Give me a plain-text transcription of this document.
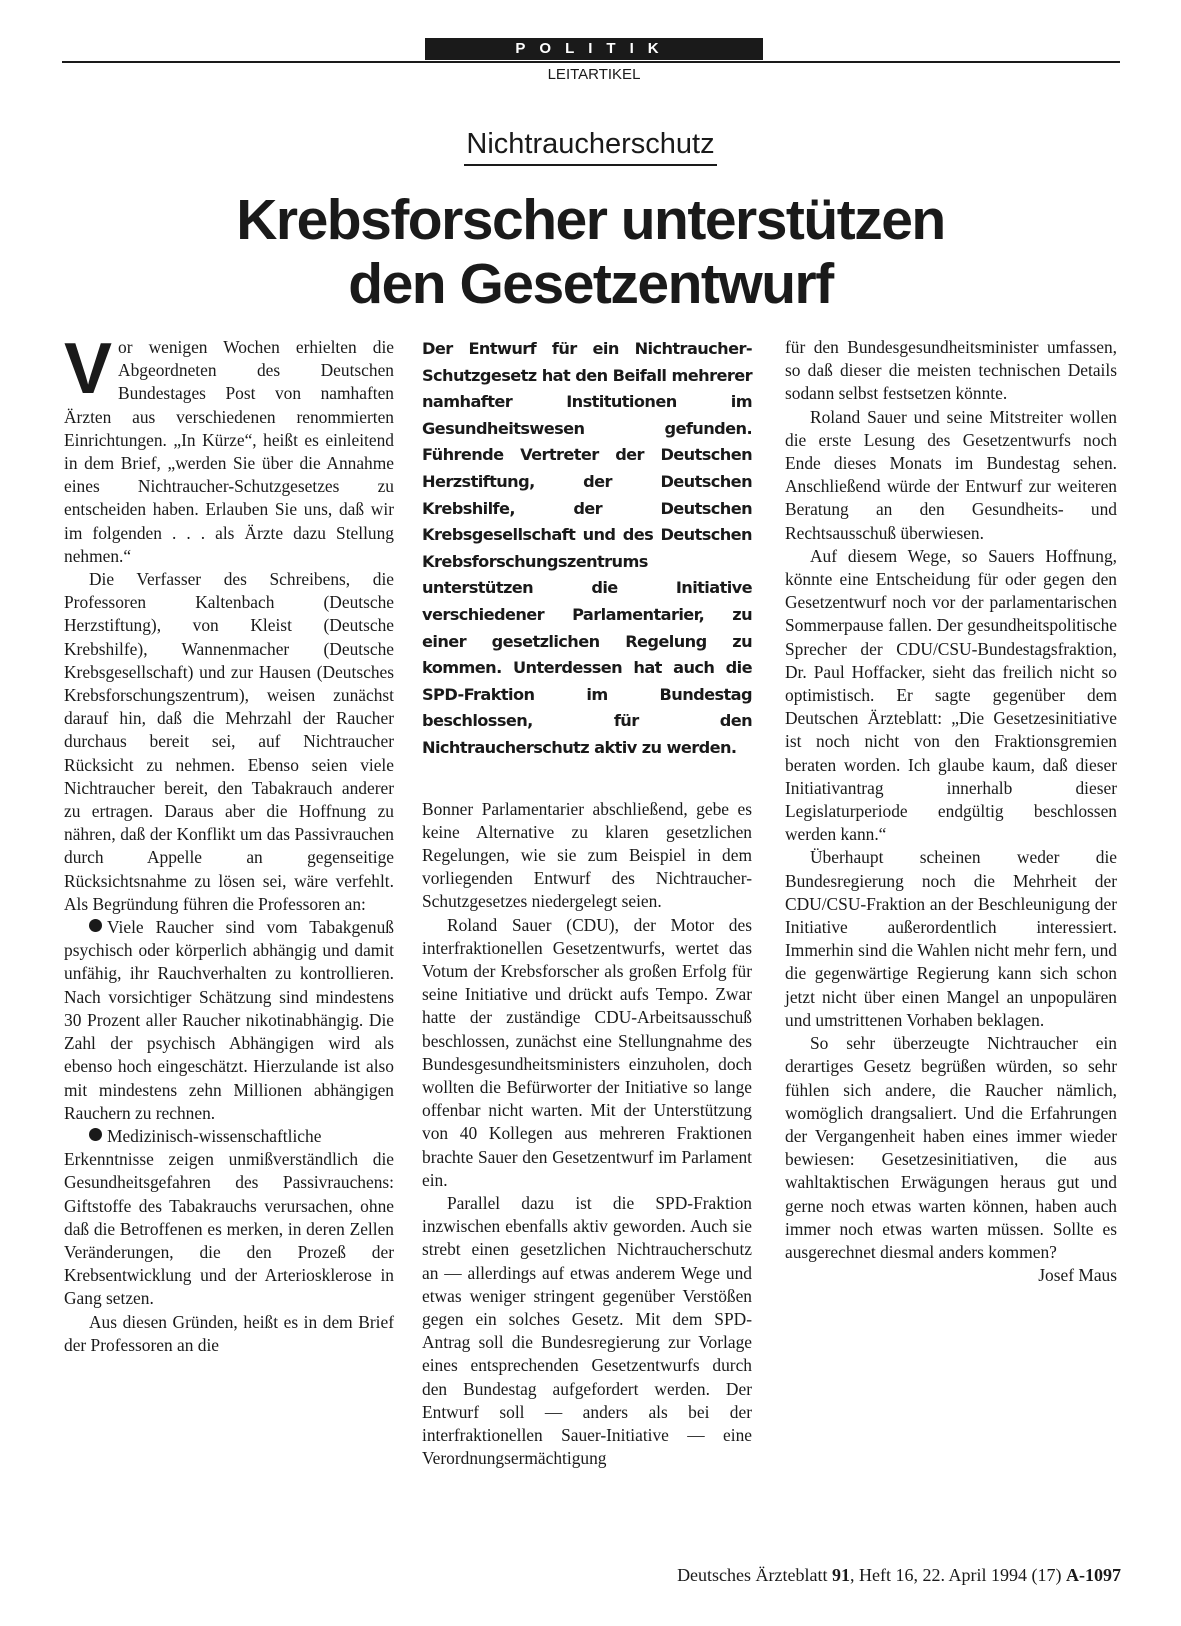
POLITIK
LEITARTIKEL
Nichtraucherschutz
Krebsforscher unterstützen
den Gesetzentwurf

Vor wenigen Wochen erhielten die Abgeordneten des Deutschen Bundestages Post von namhaften Ärzten aus verschiedenen renommierten Einrichtungen. „In Kürze“, heißt es einleitend in dem Brief, „werden Sie über die Annahme eines Nichtraucher-Schutzgesetzes zu entscheiden haben. Erlauben Sie uns, daß wir im folgenden . . . als Ärzte dazu Stellung nehmen.“

Die Verfasser des Schreibens, die Professoren Kaltenbach (Deutsche Herzstiftung), von Kleist (Deutsche Krebshilfe), Wannenmacher (Deutsche Krebsgesellschaft) und zur Hausen (Deutsches Krebsforschungszentrum), weisen zunächst darauf hin, daß die Mehrzahl der Raucher durchaus bereit sei, auf Nichtraucher Rücksicht zu nehmen. Ebenso seien viele Nichtraucher bereit, den Tabakrauch anderer zu ertragen. Daraus aber die Hoffnung zu nähren, daß der Konflikt um das Passivrauchen durch Appelle an gegenseitige Rücksichtsnahme zu lösen sei, wäre verfehlt. Als Begründung führen die Professoren an:

Viele Raucher sind vom Tabakgenuß psychisch oder körperlich abhängig und damit unfähig, ihr Rauchverhalten zu kontrollieren. Nach vorsichtiger Schätzung sind mindestens 30 Prozent aller Raucher nikotinabhängig. Die Zahl der psychisch Abhängigen wird als ebenso hoch eingeschätzt. Hierzulande ist also mit mindestens zehn Millionen abhängigen Rauchern zu rechnen.

Medizinisch-wissenschaftliche Erkenntnisse zeigen unmißverständlich die Gesundheitsgefahren des Passivrauchens: Giftstoffe des Tabakrauchs verursachen, ohne daß die Betroffenen es merken, in deren Zellen Veränderungen, die den Prozeß der Krebsentwicklung und der Arteriosklerose in Gang setzen.

Aus diesen Gründen, heißt es in dem Brief der Professoren an die

Der Entwurf für ein Nichtraucher-Schutzgesetz hat den Beifall mehrerer namhafter Institutionen im Gesundheitswesen gefunden. Führende Vertreter der Deutschen Herzstiftung, der Deutschen Krebshilfe, der Deutschen Krebsgesellschaft und des Deutschen Krebsforschungszentrums unterstützen die Initiative verschiedener Parlamentarier, zu einer gesetzlichen Regelung zu kommen. Unterdessen hat auch die SPD-Fraktion im Bundestag beschlossen, für den Nichtraucherschutz aktiv zu werden.

Bonner Parlamentarier abschließend, gebe es keine Alternative zu klaren gesetzlichen Regelungen, wie sie zum Beispiel in dem vorliegenden Entwurf des Nichtraucher-Schutzgesetzes niedergelegt seien.

Roland Sauer (CDU), der Motor des interfraktionellen Gesetzentwurfs, wertet das Votum der Krebsforscher als großen Erfolg für seine Initiative und drückt aufs Tempo. Zwar hatte der zuständige CDU-Arbeitsausschuß beschlossen, zunächst eine Stellungnahme des Bundesgesundheitsministers einzuholen, doch wollten die Befürworter der Initiative so lange offenbar nicht warten. Mit der Unterstützung von 40 Kollegen aus mehreren Fraktionen brachte Sauer den Gesetzentwurf im Parlament ein.

Parallel dazu ist die SPD-Fraktion inzwischen ebenfalls aktiv geworden. Auch sie strebt einen gesetzlichen Nichtraucherschutz an — allerdings auf etwas anderem Wege und etwas weniger stringent gegenüber Verstößen gegen ein solches Gesetz. Mit dem SPD-Antrag soll die Bundesregierung zur Vorlage eines entsprechenden Gesetzentwurfs durch den Bundestag aufgefordert werden. Der Entwurf soll — anders als bei der interfraktionellen Sauer-Initiative — eine Verordnungsermächtigung

für den Bundesgesundheitsminister umfassen, so daß dieser die meisten technischen Details sodann selbst festsetzen könnte.

Roland Sauer und seine Mitstreiter wollen die erste Lesung des Gesetzentwurfs noch Ende dieses Monats im Bundestag sehen. Anschließend würde der Entwurf zur weiteren Beratung an den Gesundheits- und Rechtsausschuß überwiesen.

Auf diesem Wege, so Sauers Hoffnung, könnte eine Entscheidung für oder gegen den Gesetzentwurf noch vor der parlamentarischen Sommerpause fallen. Der gesundheitspolitische Sprecher der CDU/CSU-Bundestagsfraktion, Dr. Paul Hoffacker, sieht das freilich nicht so optimistisch. Er sagte gegenüber dem Deutschen Ärzteblatt: „Die Gesetzesinitiative ist noch nicht von den Fraktionsgremien beraten worden. Ich glaube kaum, daß dieser Initiativantrag innerhalb dieser Legislaturperiode endgültig beschlossen werden kann.“

Überhaupt scheinen weder die Bundesregierung noch die Mehrheit der CDU/CSU-Fraktion an der Beschleunigung der Initiative außerordentlich interessiert. Immerhin sind die Wahlen nicht mehr fern, und die gegenwärtige Regierung kann sich schon jetzt nicht über einen Mangel an unpopulären und umstrittenen Vorhaben beklagen.

So sehr überzeugte Nichtraucher ein derartiges Gesetz begrüßen würden, so sehr fühlen sich andere, die Raucher nämlich, womöglich drangsaliert. Und die Erfahrungen der Vergangenheit haben eines immer wieder bewiesen: Gesetzesinitiativen, die aus wahltaktischen Erwägungen heraus gut und gerne noch etwas warten können, haben auch immer noch etwas warten müssen. Sollte es ausgerechnet diesmal anders kommen?

Josef Maus

Deutsches Ärzteblatt 91, Heft 16, 22. April 1994 (17) A-1097
